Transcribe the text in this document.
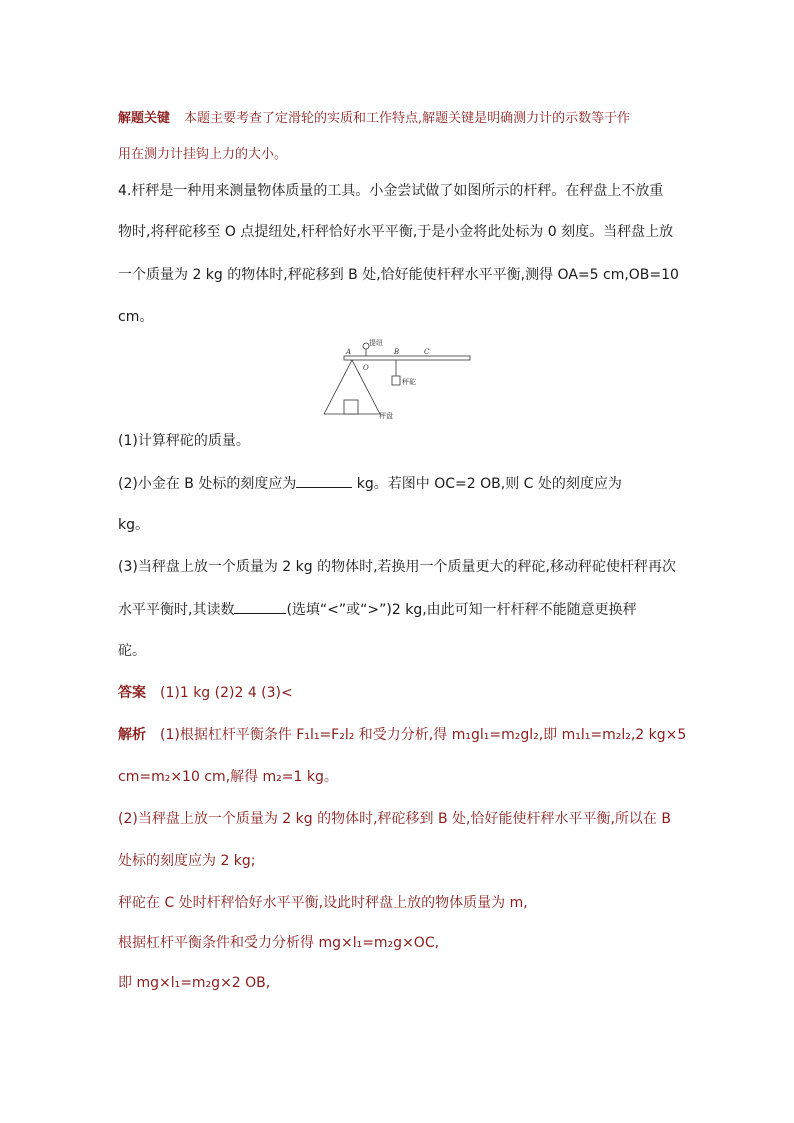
解题关键 本题主要考查了定滑轮的实质和工作特点,解题关键是明确测力计的示数等于作
用在测力计挂钩上力的大小。
4.杆秤是一种用来测量物体质量的工具。小金尝试做了如图所示的杆秤。在秤盘上不放重
物时,将秤砣移至 O 点提纽处,杆秤恰好水平平衡,于是小金将此处标为 0 刻度。当秤盘上放
一个质量为 2 kg 的物体时,秤砣移到 B 处,恰好能使杆秤水平平衡,测得 OA=5 cm,OB=10
cm。
(1)计算秤砣的质量。
(2)小金在 B 处标的刻度应为	kg。若图中 OC=2 OB,则 C 处的刻度应为
kg。
(3)当秤盘上放一个质量为 2 kg 的物体时,若换用一个质量更大的秤砣,移动秤砣使杆秤再次
水平平衡时,其读数	(选填“<”或“>”)2 kg,由此可知一杆杆秤不能随意更换秤
砣。
答案 (1)1 kg (2)2 4 (3)<
解析 (1)根据杠杆平衡条件 F₁l₁=F₂l₂ 和受力分析,得 m₁gl₁=m₂gl₂,即 m₁l₁=m₂l₂,2 kg×5
cm=m₂×10 cm,解得 m₂=1 kg。
(2)当秤盘上放一个质量为 2 kg 的物体时,秤砣移到 B 处,恰好能使杆秤水平平衡,所以在 B
处标的刻度应为 2 kg;
秤砣在 C 处时杆秤恰好水平平衡,设此时秤盘上放的物体质量为 m,
根据杠杆平衡条件和受力分析得 mg×l₁=m₂g×OC,
即 mg×l₁=m₂g×2 OB,
提纽
A	B	C
O
秤砣
秤盘
